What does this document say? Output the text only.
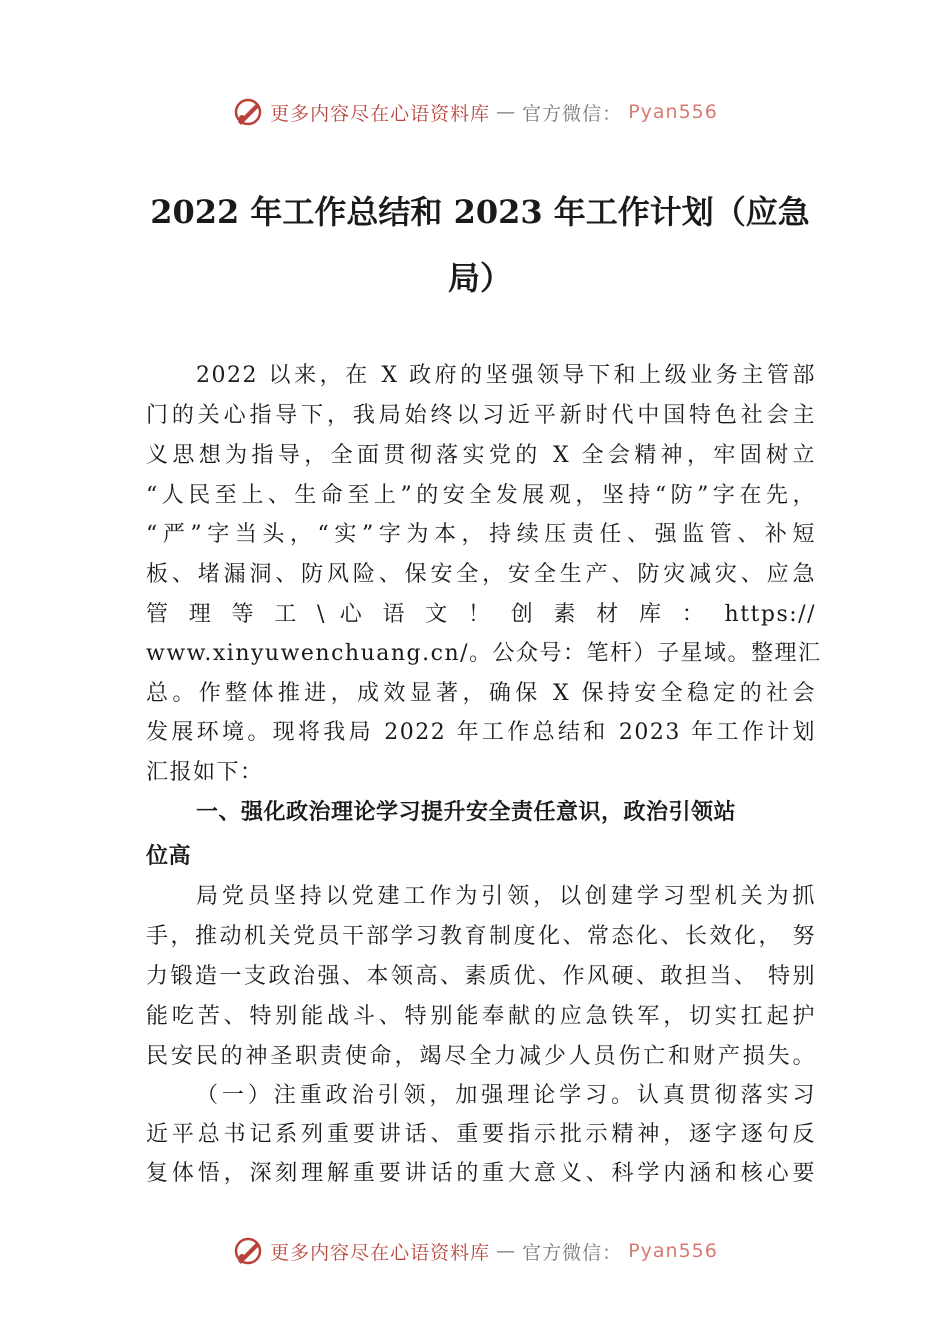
更多内容尽在心语资料库 — 官方微信： Pyan556
2022 年工作总结和 2023 年工作计划（应急
局）
2022 以来，在 X 政府的坚强领导下和上级业务主管部
门的关心指导下，我局始终以习近平新时代中国特色社会主
义思想为指导，全面贯彻落实党的 X 全会精神，牢固树立
“人民至上、生命至上”的安全发展观，坚持“防”字在先，
“严”字当头，“实”字为本，持续压责任、强监管、补短
板、堵漏洞、防风险、保安全，安全生产、防灾减灾、应急
管 理 等 工 \ 心 语 文 ！ 创 素 材 库 ： https://
www.xinyuwenchuang.cn/。公众号：笔杆）子星域。整理汇
总。作整体推进，成效显著，确保 X 保持安全稳定的社会
发展环境。现将我局 2022 年工作总结和 2023 年工作计划
汇报如下：
一、强化政治理论学习提升安全责任意识，政治引领站
位高
局党员坚持以党建工作为引领，以创建学习型机关为抓
手，推动机关党员干部学习教育制度化、常态化、长效化， 努
力锻造一支政治强、本领高、素质优、作风硬、敢担当、 特别
能吃苦、特别能战斗、特别能奉献的应急铁军，切实扛起护
民安民的神圣职责使命，竭尽全力减少人员伤亡和财产损失。
（一）注重政治引领，加强理论学习。认真贯彻落实习
近平总书记系列重要讲话、重要指示批示精神，逐字逐句反
复体悟，深刻理解重要讲话的重大意义、科学内涵和核心要
更多内容尽在心语资料库 — 官方微信： Pyan556
